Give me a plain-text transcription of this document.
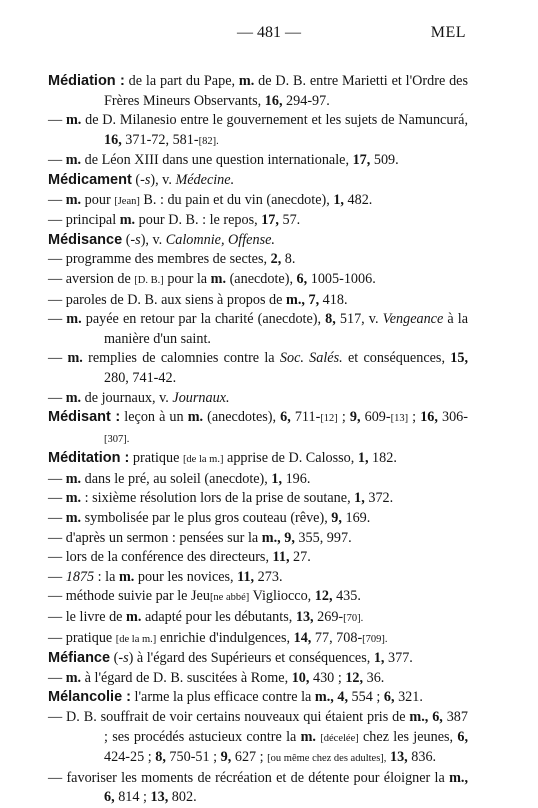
— 481 —	MEL
Médiation : de la part du Pape, m. de D. B. entre Marietti et l'Ordre des Frères Mineurs Observants, 16, 294-97.
— m. de D. Milanesio entre le gouvernement et les sujets de Namuncurá, 16, 371-72, 581-[82].
— m. de Léon XIII dans une question internationale, 17, 509.
Médicament (-s), v. Médecine.
— m. pour [Jean] B. : du pain et du vin (anecdote), 1, 482.
— principal m. pour D. B. : le repos, 17, 57.
Médisance (-s), v. Calomnie, Offense.
— programme des membres de sectes, 2, 8.
— aversion de [D. B.] pour la m. (anecdote), 6, 1005-1006.
— paroles de D. B. aux siens à propos de m., 7, 418.
— m. payée en retour par la charité (anecdote), 8, 517, v. Vengeance à la manière d'un saint.
— m. remplies de calomnies contre la Soc. Salés. et conséquences, 15, 280, 741-42.
— m. de journaux, v. Journaux.
Médisant : leçon à un m. (anecdotes), 6, 711-[12] ; 9, 609-[13] ; 16, 306-[307].
Méditation : pratique [de la m.] apprise de D. Calosso, 1, 182.
— m. dans le pré, au soleil (anecdote), 1, 196.
— m. : sixième résolution lors de la prise de soutane, 1, 372.
— m. symbolisée par le plus gros couteau (rêve), 9, 169.
— d'après un sermon : pensées sur la m., 9, 355, 997.
— lors de la conférence des directeurs, 11, 27.
— 1875 : la m. pour les novices, 11, 273.
— méthode suivie par le Jeu[ne abbé] Viglioccо, 12, 435.
— le livre de m. adapté pour les débutants, 13, 269-[70].
— pratique [de la m.] enrichie d'indulgences, 14, 77, 708-[709].
Méfiance (-s) à l'égard des Supérieurs et conséquences, 1, 377.
— m. à l'égard de D. B. suscitées à Rome, 10, 430 ; 12, 36.
Mélancolie : l'arme la plus efficace contre la m., 4, 554 ; 6, 321.
— D. B. souffrait de voir certains nouveaux qui étaient pris de m., 6, 387 ; ses procédés astucieux contre la m. [décelée] chez les jeunes, 6, 424-25 ; 8, 750-51 ; 9, 627 ; [ou même chez des adultes], 13, 836.
— favoriser les moments de récréation et de détente pour éloigner la m., 6, 814 ; 13, 802.
